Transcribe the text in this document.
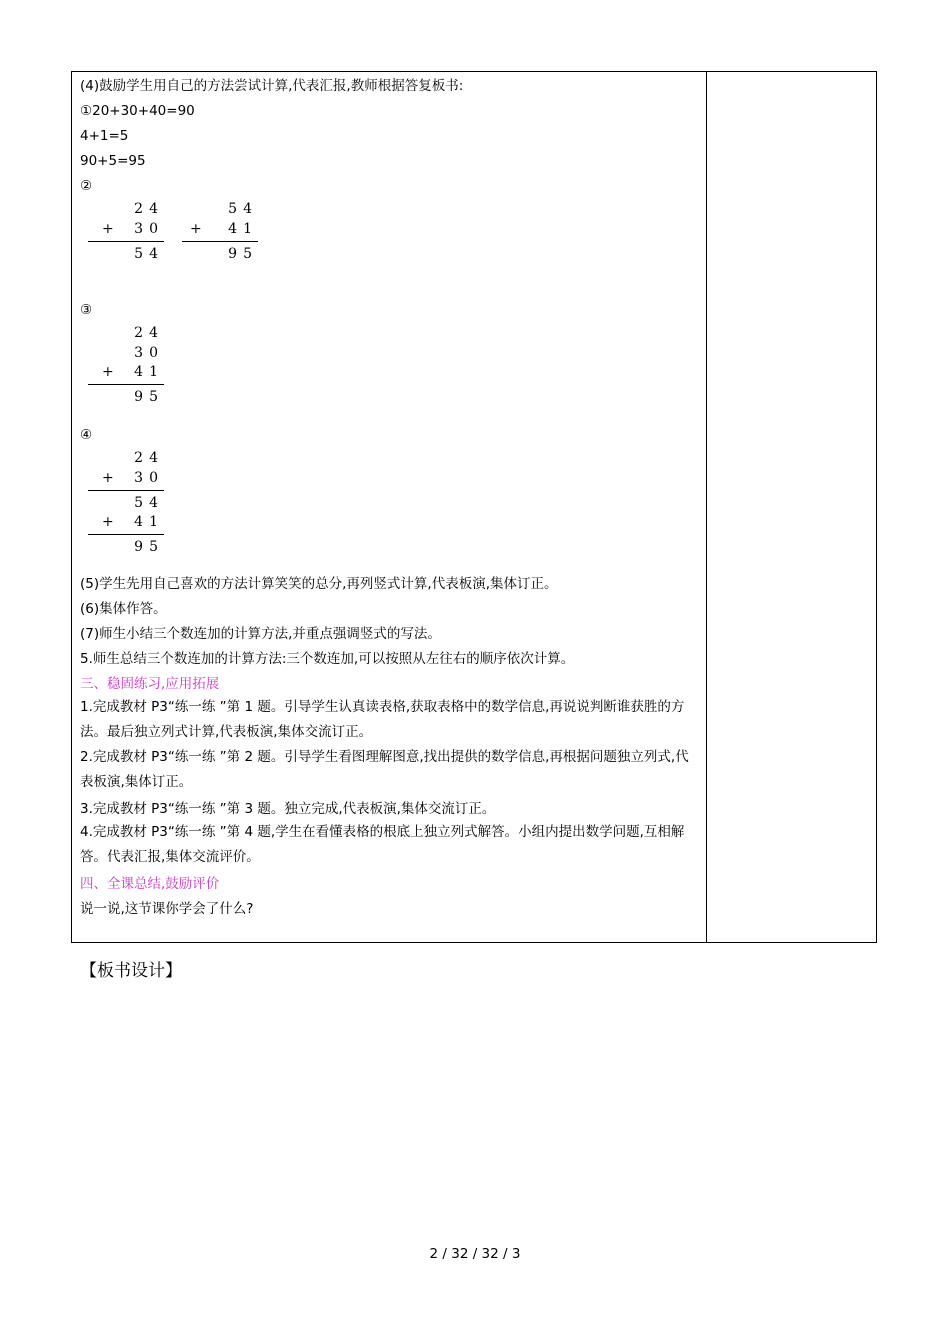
(4)鼓励学生用自己的方法尝试计算,代表汇报,教师根据答复板书:
①20+30+40=90
4+1=5
90+5=95
②
24
+ 30
54
54
+ 41
95
③
24
30
+ 41
95
④
24
+ 30
54
+ 41
95
(5)学生先用自己喜欢的方法计算笑笑的总分,再列竖式计算,代表板演,集体订正。
(6)集体作答。
(7)师生小结三个数连加的计算方法,并重点强调竖式的写法。
5.师生总结三个数连加的计算方法:三个数连加,可以按照从左往右的顺序依次计算。
三、稳固练习,应用拓展
1.完成教材 P3“练一练 ”第 1 题。引导学生认真读表格,获取表格中的数学信息,再说说判断谁获胜的方法。最后独立列式计算,代表板演,集体交流订正。
2.完成教材 P3“练一练 ”第 2 题。引导学生看图理解图意,找出提供的数学信息,再根据问题独立列式,代表板演,集体订正。
3.完成教材 P3“练一练 ”第 3 题。独立完成,代表板演,集体交流订正。
4.完成教材 P3“练一练 ”第 4 题,学生在看懂表格的根底上独立列式解答。小组内提出数学问题,互相解答。代表汇报,集体交流评价。
四、全课总结,鼓励评价
说一说,这节课你学会了什么?
【板书设计】
2 / 32 / 32 / 3
